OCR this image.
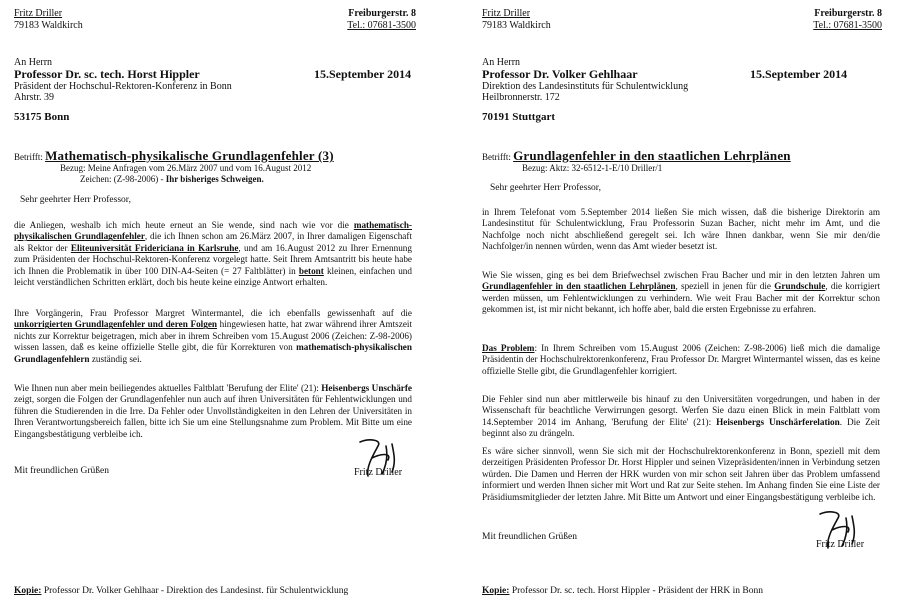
Fritz Driller
79183 Waldkirch
Freiburgerstr. 8
Tel.: 07681-3500
An Herrn
Professor Dr. sc. tech. Horst Hippler
Präsident der Hochschul-Rektoren-Konferenz in Bonn
Ahrstr. 39
15.September 2014
53175 Bonn
Betrifft: Mathematisch-physikalische Grundlagenfehler (3)
Bezug: Meine Anfragen vom 26.März 2007 und vom 16.August 2012
Zeichen: (Z-98-2006) - Ihr bisheriges Schweigen.
Sehr geehrter Herr Professor,
die Anliegen, weshalb ich mich heute erneut an Sie wende, sind nach wie vor die mathematisch-physikalischen Grundlagenfehler, die ich Ihnen schon am 26.März 2007, in Ihrer damaligen Eigenschaft als Rektor der Eliteuniversität Fridericiana in Karlsruhe, und am 16.August 2012 zu Ihrer Ernennung zum Präsidenten der Hochschul-Rektoren-Konferenz vorgelegt hatte. Seit Ihrem Amtsantritt bis heute habe ich Ihnen die Problematik in über 100 DIN-A4-Seiten (= 27 Faltblätter) in betont kleinen, einfachen und leicht verständlichen Schritten erklärt, doch bis heute keine einzige Antwort erhalten.
Ihre Vorgängerin, Frau Professor Margret Wintermantel, die ich ebenfalls gewissenhaft auf die unkorrigierten Grundlagenfehler und deren Folgen hingewiesen hatte, hat zwar während ihrer Amtszeit nichts zur Korrektur beigetragen, mich aber in ihrem Schreiben vom 15.August 2006 (Zeichen: Z-98-2006) wissen lassen, daß es keine offizielle Stelle gibt, die für Korrekturen von mathematisch-physikalischen Grundlagenfehlern zuständig sei.
Wie Ihnen nun aber mein beiliegendes aktuelles Faltblatt 'Berufung der Elite' (21): Heisenbergs Unschärfe zeigt, sorgen die Folgen der Grundlagenfehler nun auch auf ihren Universitäten für Fehlentwicklungen und führen die Studierenden in die Irre. Da Fehler oder Unvollständigkeiten in den Lehren der Universitäten in Ihren Verantwortungsbereich fallen, bitte ich Sie um eine Stellungsnahme zum Problem. Mit Bitte um eine Eingangsbestätigung verbleibe ich.
Mit freundlichen Grüßen	Fritz Driller
Kopie: Professor Dr. Volker Gehlhaar - Direktion des Landesinst. für Schulentwicklung
Fritz Driller
79183 Waldkirch
Freiburgerstr. 8
Tel.: 07681-3500
An Herrn
Professor Dr. Volker Gehlhaar
Direktion des Landesinstituts für Schulentwicklung
Heilbronnerstr. 172
15.September 2014
70191 Stuttgart
Betrifft: Grundlagenfehler in den staatlichen Lehrplänen
Bezug: Aktz: 32-6512-1-E/10 Driller/1
Sehr geehrter Herr Professor,
in Ihrem Telefonat vom 5.September 2014 ließen Sie mich wissen, daß die bisherige Direktorin am Landesinstitut für Schulentwicklung, Frau Professorin Suzan Bacher, nicht mehr im Amt, und die Nachfolge noch nicht abschließend geregelt sei. Ich wäre Ihnen dankbar, wenn Sie mir den/die Nachfolger/in nennen würden, wenn das Amt wieder besetzt ist.
Wie Sie wissen, ging es bei dem Briefwechsel zwischen Frau Bacher und mir in den letzten Jahren um Grundlagenfehler in den staatlichen Lehrplänen, speziell in jenen für die Grundschule, die korrigiert werden müssen, um Fehlentwicklungen zu verhindern. Wie weit Frau Bacher mit der Korrektur schon gekommen ist, ist mir nicht bekannt, ich hoffe aber, bald die ersten Ergebnisse zu erfahren.
Das Problem: In Ihrem Schreiben vom 15.August 2006 (Zeichen: Z-98-2006) ließ mich die damalige Präsidentin der Hochschulrektorenkonferenz, Frau Professor Dr. Margret Wintermantel wissen, das es keine offizielle Stelle gibt, die Grundlagenfehler korrigiert.
Die Fehler sind nun aber mittlerweile bis hinauf zu den Universitäten vorgedrungen, und haben in der Wissenschaft für beachtliche Verwirrungen gesorgt. Werfen Sie dazu einen Blick in mein Faltblatt vom 14.September 2014 im Anhang, 'Berufung der Elite' (21): Heisenbergs Unschärferelation. Die Zeit beginnt also zu drängeln.
Es wäre sicher sinnvoll, wenn Sie sich mit der Hochschulrektorenkonferenz in Bonn, speziell mit dem derzeitigen Präsidenten Professor Dr. Horst Hippler und seinen Vizepräsidenten/innen in Verbindung setzen würden. Die Damen und Herren der HRK wurden von mir schon seit Jahren über das Problem umfassend informiert und werden Ihnen sicher mit Wort und Rat zur Seite stehen. Im Anhang finden Sie eine Liste der Präsidiumsmitglieder der letzten Jahre. Mit Bitte um Antwort und einer Eingangsbestätigung verbleibe ich.
Mit freundlichen Grüßen
Fritz Driller
Kopie: Professor Dr. sc. tech. Horst Hippler - Präsident der HRK in Bonn
